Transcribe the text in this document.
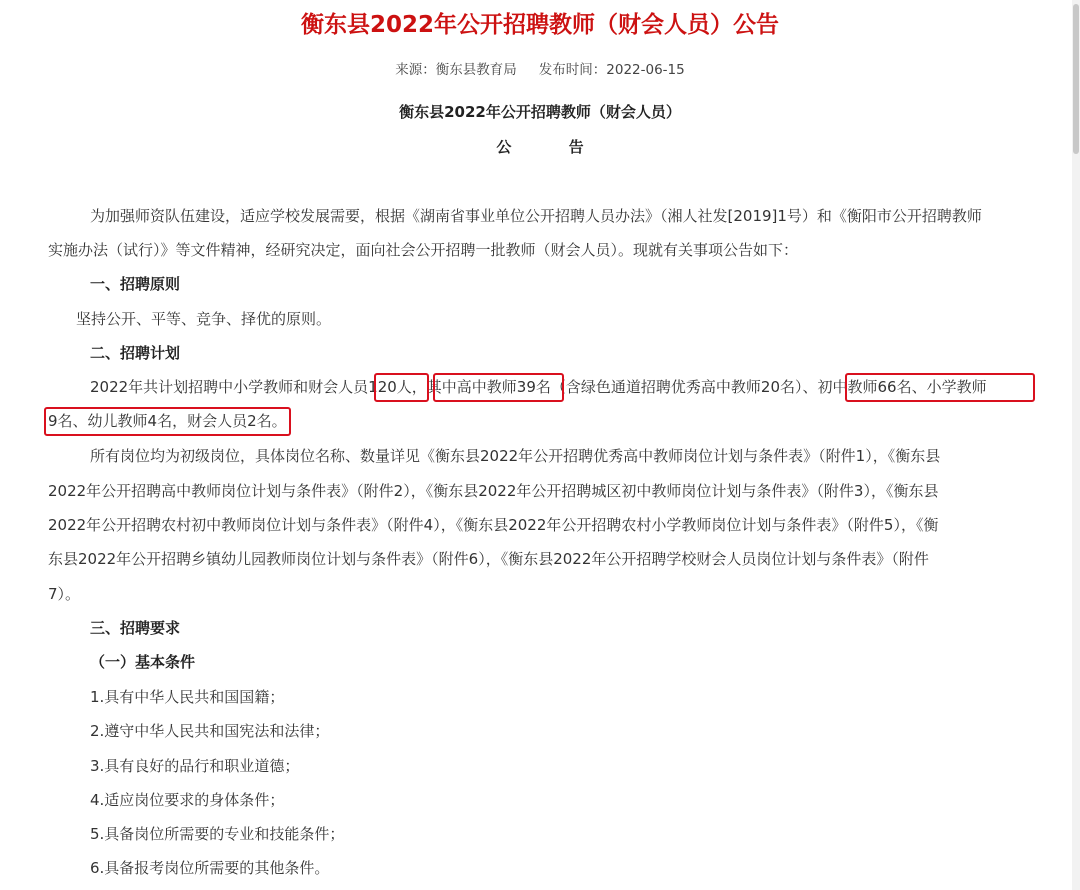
衡东县2022年公开招聘教师（财会人员）公告
来源：衡东县教育局 发布时间：2022-06-15
衡东县2022年公开招聘教师（财会人员）
公 告
为加强师资队伍建设，适应学校发展需要，根据《湖南省事业单位公开招聘人员办法》（湘人社发[2019]1号）和《衡阳市公开招聘教师
实施办法（试行）》等文件精神，经研究决定，面向社会公开招聘一批教师（财会人员）。现就有关事项公告如下：
一、招聘原则
坚持公开、平等、竞争、择优的原则。
二、招聘计划
2022年共计划招聘中小学教师和财会人员120人，其中高中教师39名（含绿色通道招聘优秀高中教师20名）、初中教师66名、小学教师
9名、幼儿教师4名，财会人员2名。
所有岗位均为初级岗位，具体岗位名称、数量详见《衡东县2022年公开招聘优秀高中教师岗位计划与条件表》（附件1），《衡东县
2022年公开招聘高中教师岗位计划与条件表》（附件2），《衡东县2022年公开招聘城区初中教师岗位计划与条件表》（附件3），《衡东县
2022年公开招聘农村初中教师岗位计划与条件表》（附件4），《衡东县2022年公开招聘农村小学教师岗位计划与条件表》（附件5），《衡
东县2022年公开招聘乡镇幼儿园教师岗位计划与条件表》（附件6），《衡东县2022年公开招聘学校财会人员岗位计划与条件表》（附件
7）。
三、招聘要求
（一）基本条件
1.具有中华人民共和国国籍；
2.遵守中华人民共和国宪法和法律；
3.具有良好的品行和职业道德；
4.适应岗位要求的身体条件；
5.具备岗位所需要的专业和技能条件；
6.具备报考岗位所需要的其他条件。
